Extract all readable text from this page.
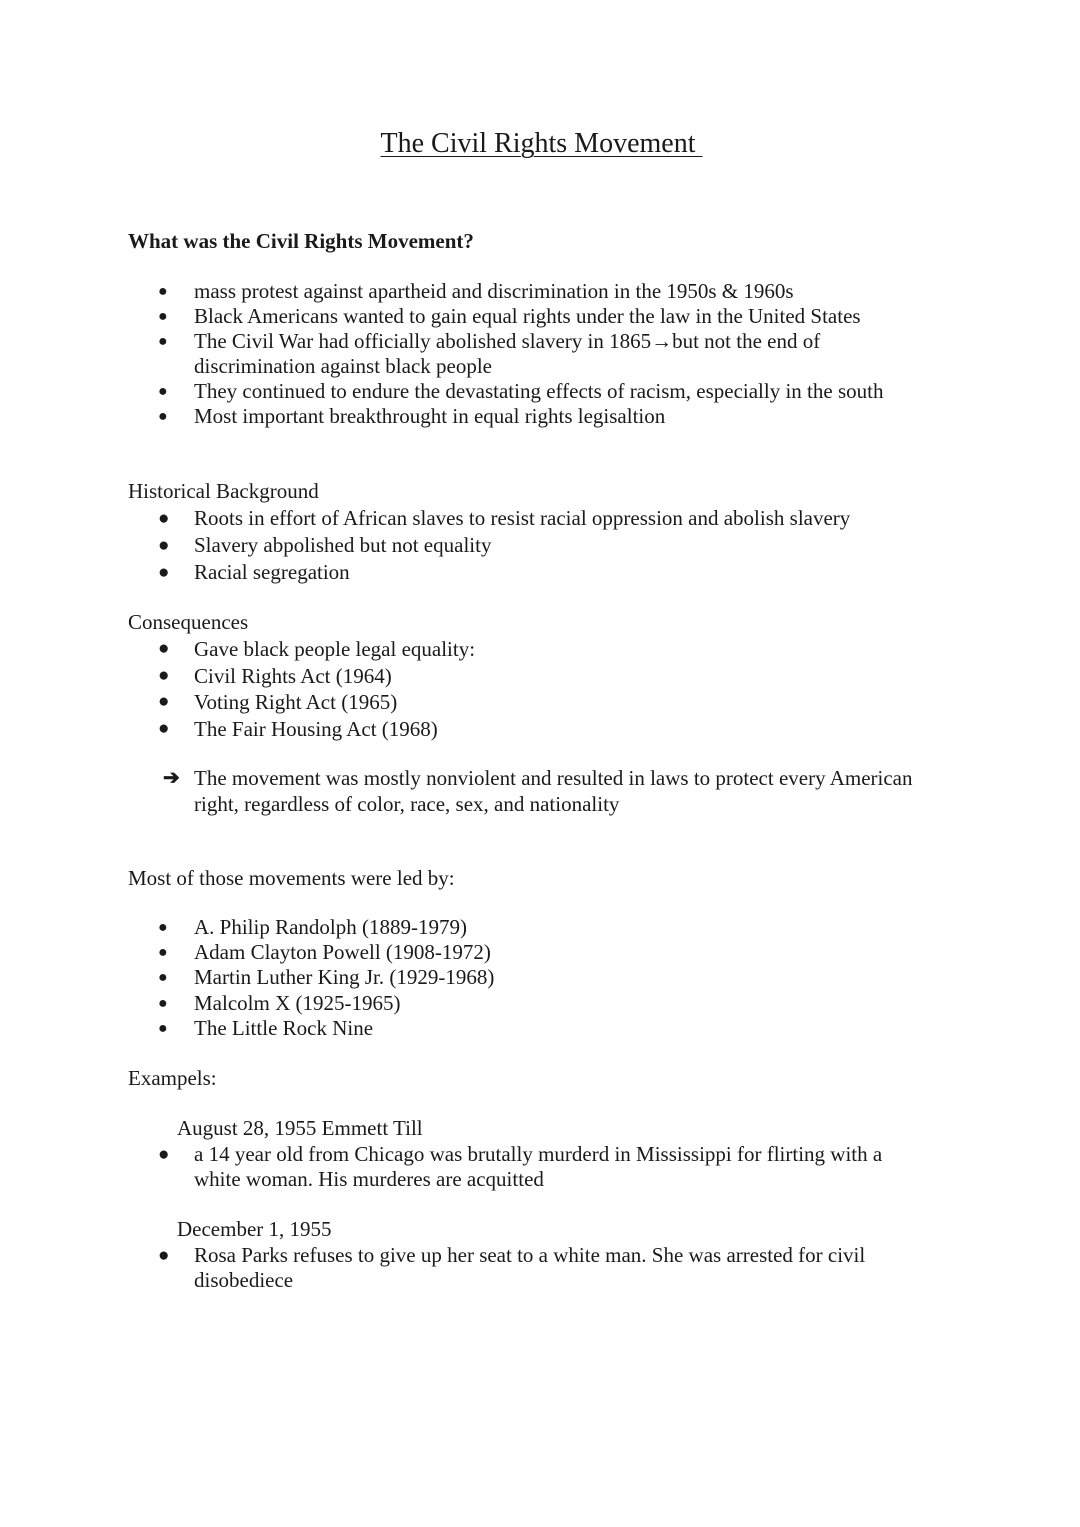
The Civil Rights Movement
What was the Civil Rights Movement?
● mass protest against apartheid and discrimination in the 1950s & 1960s
● Black Americans wanted to gain equal rights under the law in the United States
● The Civil War had officially abolished slavery in 1865→but not the end of discrimination against black people
● They continued to endure the devastating effects of racism, especially in the south
● Most important breakthrought in equal rights legisaltion
Historical Background
● Roots in effort of African slaves to resist racial oppression and abolish slavery
● Slavery abpolished but not equality
● Racial segregation
Consequences
● Gave black people legal equality:
● Civil Rights Act (1964)
● Voting Right Act (1965)
● The Fair Housing Act (1968)
➔ The movement was mostly nonviolent and resulted in laws to protect every American right, regardless of color, race, sex, and nationality
Most of those movements were led by:
● A. Philip Randolph (1889-1979)
● Adam Clayton Powell (1908-1972)
● Martin Luther King Jr. (1929-1968)
● Malcolm X (1925-1965)
● The Little Rock Nine
Exampels:

August 28, 1955 Emmett Till

● a 14 year old from Chicago was brutally murderd in Mississippi for flirting with a white woman. His murderes are acquitted

December 1, 1955

● Rosa Parks refuses to give up her seat to a white man. She was arrested for civil disobediece
